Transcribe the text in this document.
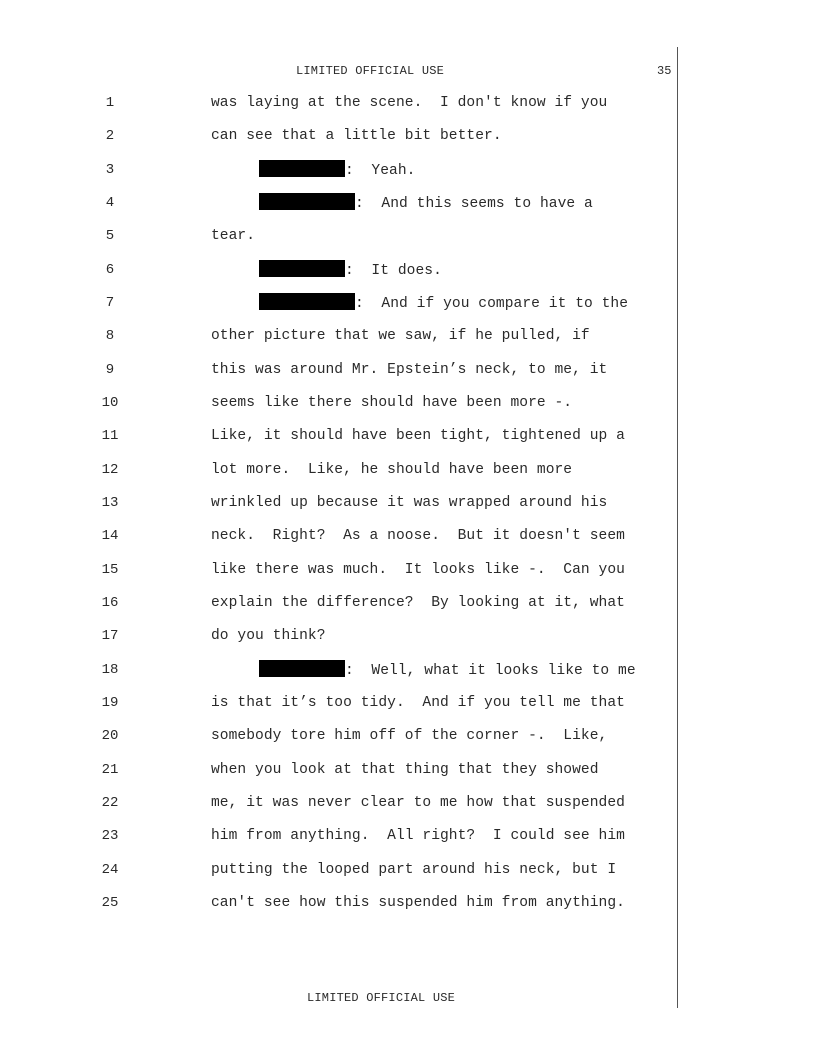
LIMITED OFFICIAL USE	35
1	was laying at the scene.  I don't know if you
2	can see that a little bit better.
3	:  Yeah.
4	:  And this seems to have a
5	tear.
6	:  It does.
7	:  And if you compare it to the
8	other picture that we saw, if he pulled, if
9	this was around Mr. Epstein’s neck, to me, it
10	seems like there should have been more -.
11	Like, it should have been tight, tightened up a
12	lot more.  Like, he should have been more
13	wrinkled up because it was wrapped around his
14	neck.  Right?  As a noose.  But it doesn't seem
15	like there was much.  It looks like -.  Can you
16	explain the difference?  By looking at it, what
17	do you think?
18	:  Well, what it looks like to me
19	is that it’s too tidy.  And if you tell me that
20	somebody tore him off of the corner -.  Like,
21	when you look at that thing that they showed
22	me, it was never clear to me how that suspended
23	him from anything.  All right?  I could see him
24	putting the looped part around his neck, but I
25	can't see how this suspended him from anything.
LIMITED OFFICIAL USE
